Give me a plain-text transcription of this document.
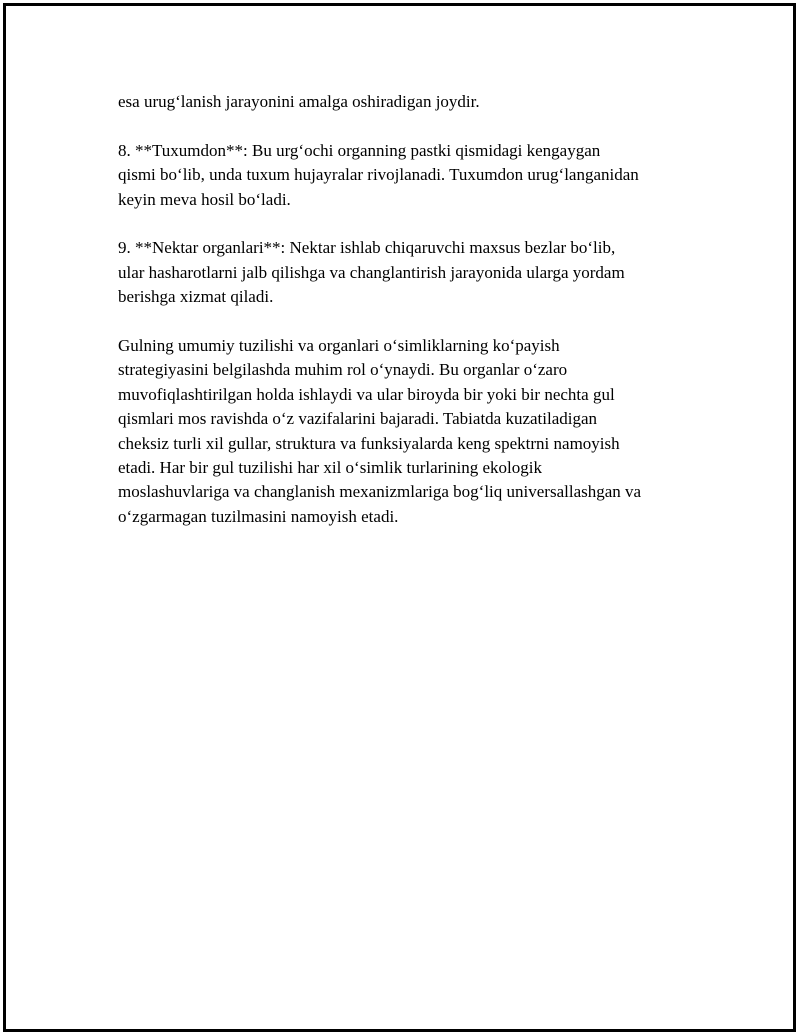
esa urug‘lanish jarayonini amalga oshiradigan joydir.

8. **Tuxumdon**: Bu urg‘ochi organning pastki qismidagi kengaygan
qismi bo‘lib, unda tuxum hujayralar rivojlanadi. Tuxumdon urug‘langanidan
keyin meva hosil bo‘ladi.

9. **Nektar organlari**: Nektar ishlab chiqaruvchi maxsus bezlar bo‘lib,
ular hasharotlarni jalb qilishga va changlantirish jarayonida ularga yordam
berishga xizmat qiladi.

Gulning umumiy tuzilishi va organlari o‘simliklarning ko‘payish
strategiyasini belgilashda muhim rol o‘ynaydi. Bu organlar o‘zaro
muvofiqlashtirilgan holda ishlaydi va ular biroyda bir yoki bir nechta gul
qismlari mos ravishda o‘z vazifalarini bajaradi. Tabiatda kuzatiladigan
cheksiz turli xil gullar, struktura va funksiyalarda keng spektrni namoyish
etadi. Har bir gul tuzilishi har xil o‘simlik turlarining ekologik
moslashuvlariga va changlanish mexanizmlariga bog‘liq universallashgan va
o‘zgarmagan tuzilmasini namoyish etadi.
